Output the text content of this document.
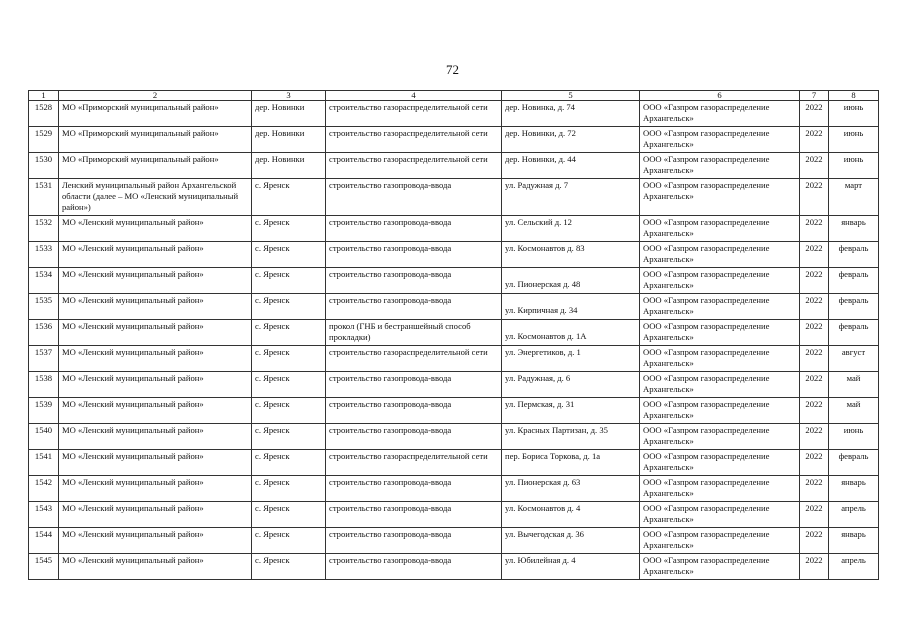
72
1	2	3	4	5	6	7	8
1528	МО «Приморский муниципальный район»	дер. Новинки	строительство газораспределительной сети	дер. Новинка, д. 74	ООО «Газпром газораспределение Архангельск»	2022	июнь
1529	МО «Приморский муниципальный район»	дер. Новинки	строительство газораспределительной сети	дер. Новинки, д. 72	ООО «Газпром газораспределение Архангельск»	2022	июнь
1530	МО «Приморский муниципальный район»	дер. Новинки	строительство газораспределительной сети	дер. Новинки, д. 44	ООО «Газпром газораспределение Архангельск»	2022	июнь
1531	Ленский муниципальный район Архангельской области (далее – МО «Ленский муниципальный район»)	с. Яренск	строительство газопровода-ввода	ул. Радужная д. 7	ООО «Газпром газораспределение Архангельск»	2022	март
1532	МО «Ленский муниципальный район»	с. Яренск	строительство газопровода-ввода	ул. Сельский д. 12	ООО «Газпром газораспределение Архангельск»	2022	январь
1533	МО «Ленский муниципальный район»	с. Яренск	строительство газопровода-ввода	ул. Космонавтов д. 83	ООО «Газпром газораспределение Архангельск»	2022	февраль
1534	МО «Ленский муниципальный район»	с. Яренск	строительство газопровода-ввода	ул. Пионерская д. 48	ООО «Газпром газораспределение Архангельск»	2022	февраль
1535	МО «Ленский муниципальный район»	с. Яренск	строительство газопровода-ввода	ул. Кирпичная д. 34	ООО «Газпром газораспределение Архангельск»	2022	февраль
1536	МО «Ленский муниципальный район»	с. Яренск	прокол (ГНБ и бестраншейный способ прокладки)	ул. Космонавтов д. 1А	ООО «Газпром газораспределение Архангельск»	2022	февраль
1537	МО «Ленский муниципальный район»	с. Яренск	строительство газораспределительной сети	ул. Энергетиков, д. 1	ООО «Газпром газораспределение Архангельск»	2022	август
1538	МО «Ленский муниципальный район»	с. Яренск	строительство газопровода-ввода	ул. Радужная, д. 6	ООО «Газпром газораспределение Архангельск»	2022	май
1539	МО «Ленский муниципальный район»	с. Яренск	строительство газопровода-ввода	ул. Пермская, д. 31	ООО «Газпром газораспределение Архангельск»	2022	май
1540	МО «Ленский муниципальный район»	с. Яренск	строительство газопровода-ввода	ул. Красных Партизан, д. 35	ООО «Газпром газораспределение Архангельск»	2022	июнь
1541	МО «Ленский муниципальный район»	с. Яренск	строительство газораспределительной сети	пер. Бориса Торкова, д. 1а	ООО «Газпром газораспределение Архангельск»	2022	февраль
1542	МО «Ленский муниципальный район»	с. Яренск	строительство газопровода-ввода	ул. Пионерская д. 63	ООО «Газпром газораспределение Архангельск»	2022	январь
1543	МО «Ленский муниципальный район»	с. Яренск	строительство газопровода-ввода	ул. Космонавтов д. 4	ООО «Газпром газораспределение Архангельск»	2022	апрель
1544	МО «Ленский муниципальный район»	с. Яренск	строительство газопровода-ввода	ул. Вычегодская д. 36	ООО «Газпром газораспределение Архангельск»	2022	январь
1545	МО «Ленский муниципальный район»	с. Яренск	строительство газопровода-ввода	ул. Юбилейная д. 4	ООО «Газпром газораспределение Архангельск»	2022	апрель
